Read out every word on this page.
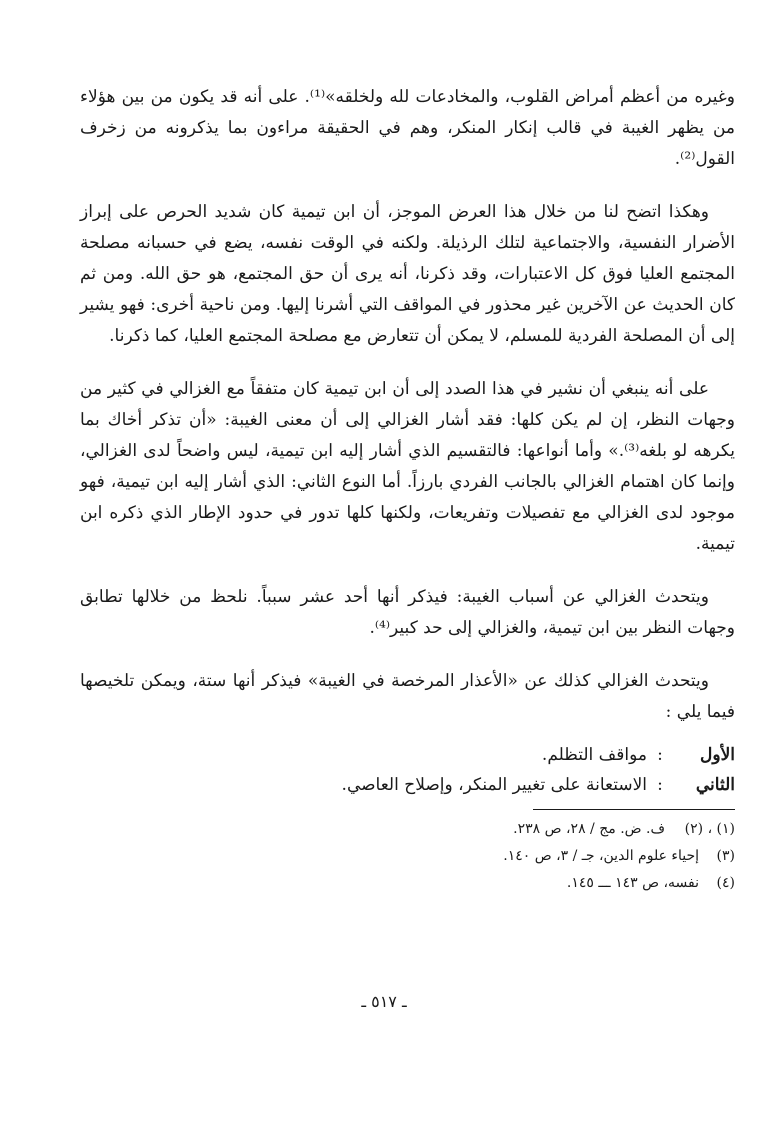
وغيره من أعظم أمراض القلوب، والمخادعات لله ولخلقه»⁽¹⁾. على أنه قد يكون من بين هؤلاء من يظهر الغيبة في قالب إنكار المنكر، وهم في الحقيقة مراءون بما يذكرونه من زخرف القول⁽²⁾.

وهكذا اتضح لنا من خلال هذا العرض الموجز، أن ابن تيمية كان شديد الحرص على إبراز الأضرار النفسية، والاجتماعية لتلك الرذيلة. ولكنه في الوقت نفسه، يضع في حسبانه مصلحة المجتمع العليا فوق كل الاعتبارات، وقد ذكرنا، أنه يرى أن حق المجتمع، هو حق الله. ومن ثم كان الحديث عن الآخرين غير محذور في المواقف التي أشرنا إليها. ومن ناحية أخرى: فهو يشير إلى أن المصلحة الفردية للمسلم، لا يمكن أن تتعارض مع مصلحة المجتمع العليا، كما ذكرنا.

على أنه ينبغي أن نشير في هذا الصدد إلى أن ابن تيمية كان متفقاً مع الغزالي في كثير من وجهات النظر، إن لم يكن كلها: فقد أشار الغزالي إلى أن معنى الغيبة: «أن تذكر أخاك بما يكرهه لو بلغه⁽³⁾.» وأما أنواعها: فالتقسيم الذي أشار إليه ابن تيمية، ليس واضحاً لدى الغزالي، وإنما كان اهتمام الغزالي بالجانب الفردي بارزاً. أما النوع الثاني: الذي أشار إليه ابن تيمية، فهو موجود لدى الغزالي مع تفصيلات وتفريعات، ولكنها كلها تدور في حدود الإطار الذي ذكره ابن تيمية.

ويتحدث الغزالي عن أسباب الغيبة: فيذكر أنها أحد عشر سبباً. نلحظ من خلالها تطابق وجهات النظر بين ابن تيمية، والغزالي إلى حد كبير⁽⁴⁾.

ويتحدث الغزالي كذلك عن «الأعذار المرخصة في الغيبة» فيذكر أنها ستة، ويمكن تلخيصها فيما يلي :

الأول
:
مواقف التظلم.
الثاني
:
الاستعانة على تغيير المنكر، وإصلاح العاصي.
(١) ، (٢)
ف. ض. مج / ٢٨، ص ٢٣٨.
(٣)
إحياء علوم الدين، جـ / ٣، ص ١٤٠.
(٤)
نفسه، ص ١٤٣ ـــ ١٤٥.
ـ ٥١٧ ـ
